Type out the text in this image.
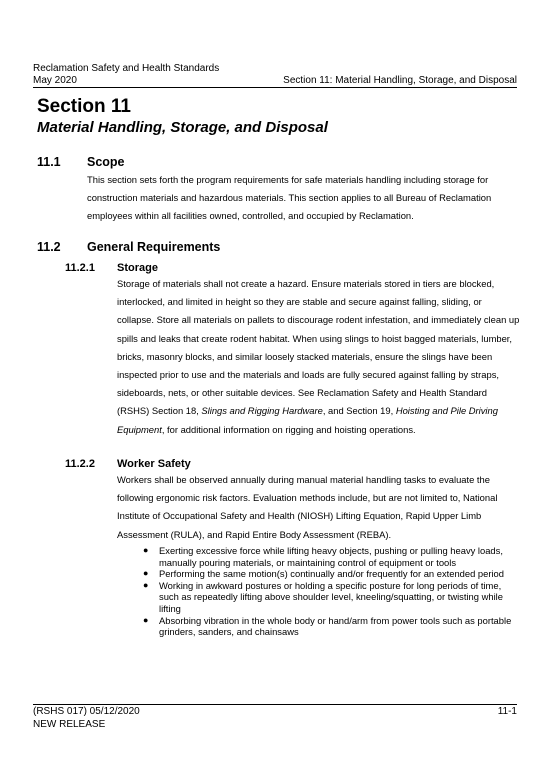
Reclamation Safety and Health Standards
May 2020	Section 11: Material Handling, Storage, and Disposal
Section 11
Material Handling, Storage, and Disposal
11.1 Scope
This section sets forth the program requirements for safe materials handling including storage for construction materials and hazardous materials. This section applies to all Bureau of Reclamation employees within all facilities owned, controlled, and occupied by Reclamation.
11.2 General Requirements
11.2.1 Storage
Storage of materials shall not create a hazard. Ensure materials stored in tiers are blocked, interlocked, and limited in height so they are stable and secure against falling, sliding, or collapse. Store all materials on pallets to discourage rodent infestation, and immediately clean up spills and leaks that create rodent habitat. When using slings to hoist bagged materials, lumber, bricks, masonry blocks, and similar loosely stacked materials, ensure the slings have been inspected prior to use and the materials and loads are fully secured against falling by straps, sideboards, nets, or other suitable devices. See Reclamation Safety and Health Standard (RSHS) Section 18, Slings and Rigging Hardware, and Section 19, Hoisting and Pile Driving Equipment, for additional information on rigging and hoisting operations.
11.2.2 Worker Safety
Workers shall be observed annually during manual material handling tasks to evaluate the following ergonomic risk factors. Evaluation methods include, but are not limited to, National Institute of Occupational Safety and Health (NIOSH) Lifting Equation, Rapid Upper Limb Assessment (RULA), and Rapid Entire Body Assessment (REBA).
● Exerting excessive force while lifting heavy objects, pushing or pulling heavy loads, manually pouring materials, or maintaining control of equipment or tools
● Performing the same motion(s) continually and/or frequently for an extended period
● Working in awkward postures or holding a specific posture for long periods of time, such as repeatedly lifting above shoulder level, kneeling/squatting, or twisting while lifting
● Absorbing vibration in the whole body or hand/arm from power tools such as portable grinders, sanders, and chainsaws
(RSHS 017) 05/12/2020
NEW RELEASE
11-1
